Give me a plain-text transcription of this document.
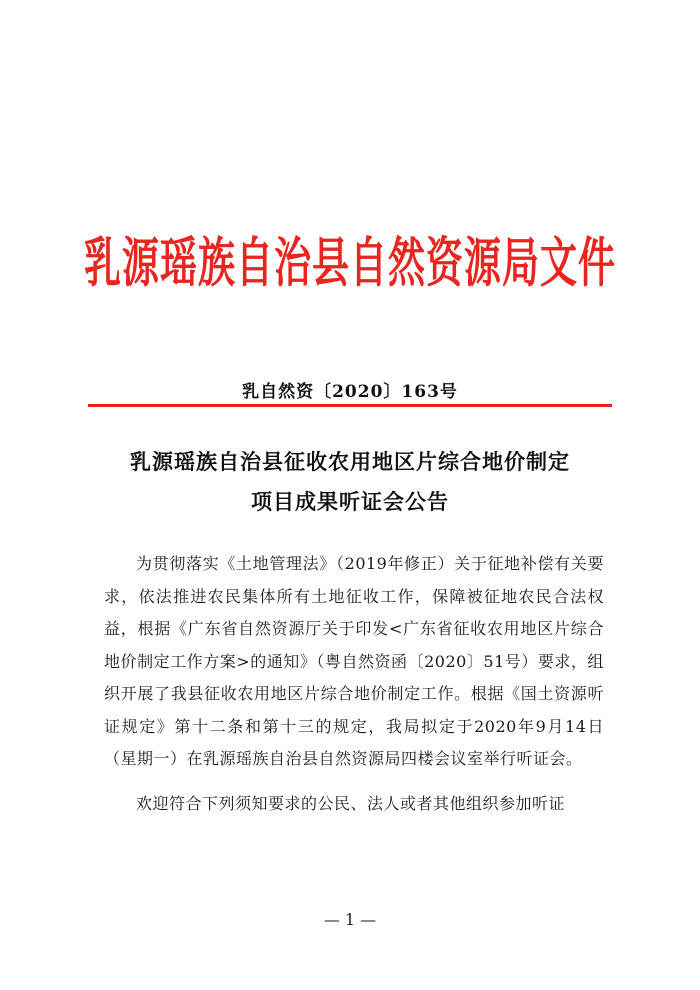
乳源瑶族自治县自然资源局文件
乳自然资〔2020〕163号
乳源瑶族自治县征收农用地区片综合地价制定
项目成果听证会公告

为贯彻落实《土地管理法》（2019年修正）关于征地补偿有关要求，依法推进农民集体所有土地征收工作，保障被征地农民合法权益，根据《广东省自然资源厅关于印发<广东省征收农用地区片综合地价制定工作方案>的通知》（粤自然资函〔2020〕51号）要求，组织开展了我县征收农用地区片综合地价制定工作。根据《国土资源听证规定》第十二条和第十三的规定，我局拟定于2020年9月14日（星期一）在乳源瑶族自治县自然资源局四楼会议室举行听证会。

欢迎符合下列须知要求的公民、法人或者其他组织参加听证

— 1 —
